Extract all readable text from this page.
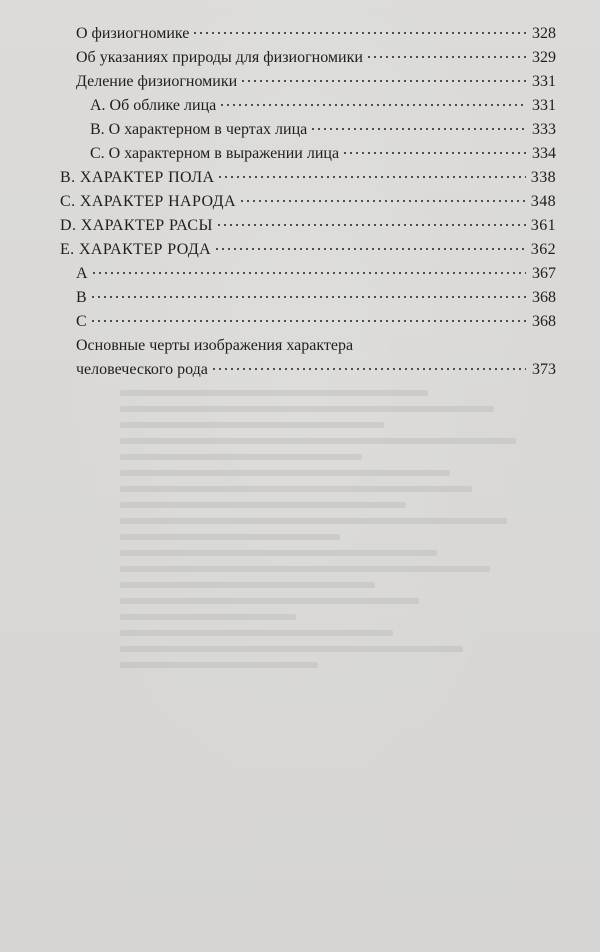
О физиогномике	328
Об указаниях природы для физиогномики	329
Деление физиогномики	331
A. Об облике лица	331
B. О характерном в чертах лица	333
C. О характерном в выражении лица	334
B. ХАРАКТЕР ПОЛА	338
C. ХАРАКТЕР НАРОДА	348
D. ХАРАКТЕР РАСЫ	361
E. ХАРАКТЕР РОДА	362
A	367
B	368
C	368
Основные черты изображения характера
человеческого рода	373
